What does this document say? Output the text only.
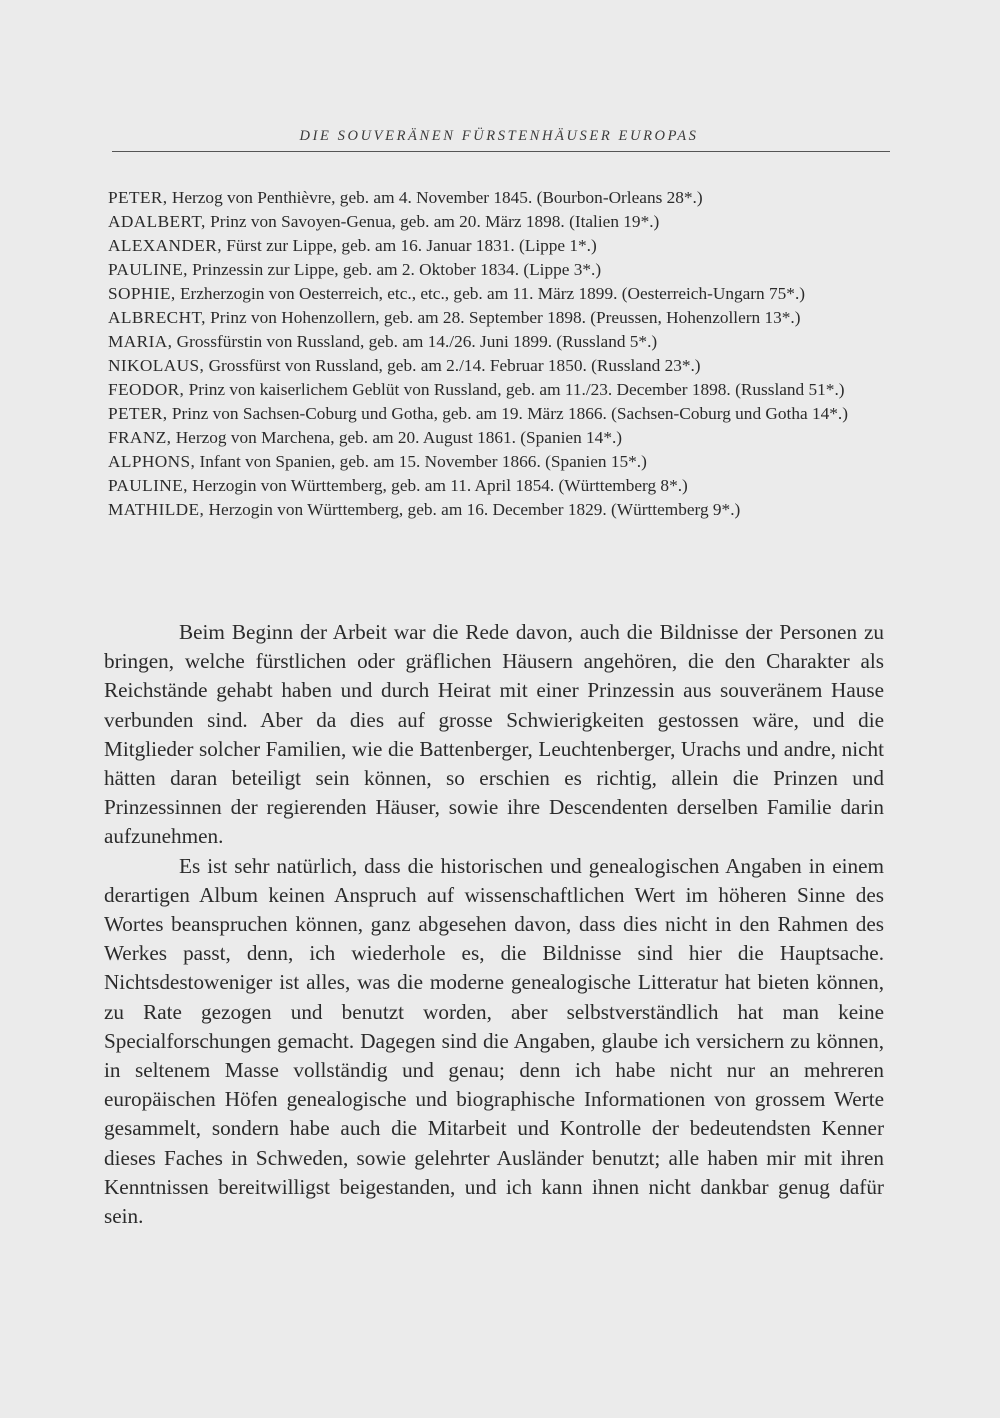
DIE SOUVERÄNEN FÜRSTENHÄUSER EUROPAS
PETER, Herzog von Penthièvre, geb. am 4. November 1845. (Bourbon-Orleans 28*.)
ADALBERT, Prinz von Savoyen-Genua, geb. am 20. März 1898. (Italien 19*.)
ALEXANDER, Fürst zur Lippe, geb. am 16. Januar 1831. (Lippe 1*.)
PAULINE, Prinzessin zur Lippe, geb. am 2. Oktober 1834. (Lippe 3*.)
SOPHIE, Erzherzogin von Oesterreich, etc., etc., geb. am 11. März 1899. (Oesterreich-Ungarn 75*.)
ALBRECHT, Prinz von Hohenzollern, geb. am 28. September 1898. (Preussen, Hohenzollern 13*.)
MARIA, Grossfürstin von Russland, geb. am 14./26. Juni 1899. (Russland 5*.)
NIKOLAUS, Grossfürst von Russland, geb. am 2./14. Februar 1850. (Russland 23*.)
FEODOR, Prinz von kaiserlichem Geblüt von Russland, geb. am 11./23. December 1898. (Russland 51*.)
PETER, Prinz von Sachsen-Coburg und Gotha, geb. am 19. März 1866. (Sachsen-Coburg und Gotha 14*.)
FRANZ, Herzog von Marchena, geb. am 20. August 1861. (Spanien 14*.)
ALPHONS, Infant von Spanien, geb. am 15. November 1866. (Spanien 15*.)
PAULINE, Herzogin von Württemberg, geb. am 11. April 1854. (Württemberg 8*.)
MATHILDE, Herzogin von Württemberg, geb. am 16. December 1829. (Württemberg 9*.)

Beim Beginn der Arbeit war die Rede davon, auch die Bildnisse der Personen zu bringen, welche fürstlichen oder gräflichen Häusern angehören, die den Charakter als Reichstände gehabt haben und durch Heirat mit einer Prinzessin aus souveränem Hause verbunden sind. Aber da dies auf grosse Schwierigkeiten gestossen wäre, und die Mitglieder solcher Familien, wie die Battenberger, Leuchtenberger, Urachs und andre, nicht hätten daran beteiligt sein können, so erschien es richtig, allein die Prinzen und Prinzessinnen der regierenden Häuser, sowie ihre Descendenten derselben Familie darin aufzunehmen.

Es ist sehr natürlich, dass die historischen und genealogischen Angaben in einem derartigen Album keinen Anspruch auf wissenschaftlichen Wert im höheren Sinne des Wortes beanspruchen können, ganz abgesehen davon, dass dies nicht in den Rahmen des Werkes passt, denn, ich wiederhole es, die Bildnisse sind hier die Hauptsache. Nichtsdestoweniger ist alles, was die moderne genealogische Litteratur hat bieten können, zu Rate gezogen und benutzt worden, aber selbstverständlich hat man keine Specialforschungen gemacht. Dagegen sind die Angaben, glaube ich versichern zu können, in seltenem Masse vollständig und genau; denn ich habe nicht nur an mehreren europäischen Höfen genealogische und biographische Informationen von grossem Werte gesammelt, sondern habe auch die Mitarbeit und Kontrolle der bedeutendsten Kenner dieses Faches in Schweden, sowie gelehrter Ausländer benutzt; alle haben mir mit ihren Kenntnissen bereitwilligst beigestanden, und ich kann ihnen nicht dankbar genug dafür sein.
